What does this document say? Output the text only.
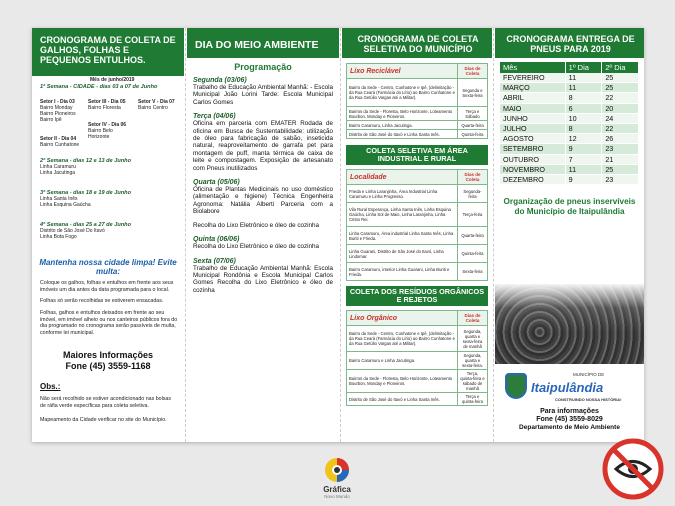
CRONOGRAMA DE COLETA DE GALHOS, FOLHAS E PEQUENOS ENTULHOS.
Mês de junho/2019
1ª Semana - CIDADE - dias 03 a 07 de Junho
Setor I - Dia 03
Bairro Monday
Bairro Pioneiros
Bairro Ipê
Setor III - Dia 05
Bairro Floresta
Setor V - Dia 07
Bairro Centro
Setor II - Dia 04
Bairro Cunhatone
Setor IV - Dia 06
Bairro Belo
Horizonte
2ª Semana - dias 12 e 13 de Junho
Linha Caramuru
Linha Jacutinga
3ª Semana - dias 18 e 19 de Junho
Linha Santa Inês
Linha Esquina Gaúcha
4ª Semana - dias 25 a 27 de Junho
Distrito de São José Do Itavó
Linha Bota Fogo
Mantenha nossa cidade limpa! Evite multa:
Coloque os galhos, folhas e entulhos em frente aos seus imóveis um dia antes da data programada para o local.
Folhas só serão recolhidas se estiverem ensacadas.
Folhas, galhos e entulhos deixados em frente ao seu imóvel, em imóvel alheio ou nos canteiros públicos fora do dia programado no cronograma serão passíveis de multa, conforme lei municipal.
Maiores Informações
Fone (45) 3559-1168
Obs.:
Não será recolhido se estiver acondicionado nas bolsas de ráfia verde específicas para coleta seletiva.
Mapeamento da Cidade verificar no site do Município.
DIA DO MEIO AMBIENTE
Programação
Segunda (03/06)
Trabalho de Educação Ambiental Manhã: - Escola Municipal João Lorini Tarde: Escola Municipal Carlos Gomes
Terça (04/06)
Oficina em parceria com EMATER Rodada de oficina em Busca de Sustentabilidade: utilização de óleo para fabricação de sabão, inseticida natural, reaproveitamento de garrafa pet para montagem de puff, manta térmica de caixa de leite e compostagem. Exposição de artesanato com Pneus inutilizados
Quarta (05/06)
Oficina de Plantas Medicinais no uso doméstico (alimentação e higiene) Técnica Engenheira Agronoma: Natália Alberti Parceria com a Biolabore
Recolha do Lixo Eletrônico e óleo de cozinha
Quinta (06/06)
Recolha do Lixo Eletrônico e óleo de cozinha
Sexta (07/06)
Trabalho de Educação Ambiental Manhã: Escola Municipal Rondônia e Escola Municipal Carlos Gomes Recolha do Lixo Eletrônico e óleo de cozinha
CRONOGRAMA DE COLETA SELETIVA DO MUNICÍPIO
Lixo Reciclável	Dias de Coleta
Bairro da Sede - Centro, Cunhatone e Ipê, (delimitação - da Rua Ceará (Farmácia do Lírio) ao Bairro Cunhatone e da Rua Getúlio Vargas até a Militar).	Segunda e Sexta-feira
Bairros da Sede - Floresta, Belo Horizonte, Loteamento Bourbon, Monday e Pioneiros.	Terça e Sábado
Bairro Caramuru, Linha Jacutinga.	Quarta-feira
Distrito de São José do Itavó e Linha Santa Inês.	Quinta-feira
COLETA SELETIVA EM ÁREA INDUSTRIAL E RURAL
Localidade	Dias de Coleta
Frieda e Linha Laranjinha, Área Industrial Linha Caramuru e Linha Progresso.	Segunda-feira
Vila Rural Esperança, Linha Santa Inês, Linha Esquina Gaúcha, Linha Sol de Maio, Linha Laranjinha, Linha Cristo Rei.	Terça-feira
Linha Caramuru, Área industrial Linha Santa Inês, Linha Buriti e Frieda.	Quarta-feira
Linha Guarani, Distrito de São José do Itavó, Linha Lindomar.	Quinta-feira
Bairro Caramuru, interior Linha Guarani, Linha Buriti e Frieda.	Sexta-feira
COLETA DOS RESÍDUOS ORGÂNICOS E REJETOS
Lixo Orgânico	Dias de Coleta
Bairro da Sede - Centro, Cunhatone e Ipê, (delimitação - da Rua Ceará (Farmácia do Lírio) ao Bairro Cunhatone e da Rua Getúlio Vargas até a Militar).	Segunda, quarta e sexta-feira de manhã
Bairro Caramuru e Linha Jacutinga.	Segunda, quarta e sexta-feira.
Bairros da Sede - Floresta, Belo Horizonte, Loteamento Bourbon, Monday e Pioneiros.	Terça, quinta-feira e sábado de manhã
Distrito de São José do Itavó e Linha Santa Inês.	Terça e quinta-feira
CRONOGRAMA ENTREGA DE PNEUS PARA 2019
Mês	1º Dia	2º Dia
FEVEREIRO	11	25
MARÇO	11	25
ABRIL	8	22
MAIO	6	20
JUNHO	10	24
JULHO	8	22
AGOSTO	12	26
SETEMBRO	9	23
OUTUBRO	7	21
NOVEMBRO	11	25
DEZEMBRO	9	23
Organização de pneus inservíveis do Município de Itaipulândia
MUNICÍPIO DE
Itaipulândia
CONSTRUINDO NOSSA HISTÓRIA!
Para informações
Fone (45) 3559-8029
Departamento de Meio Ambiente
Gráfica
Novo Mundo
